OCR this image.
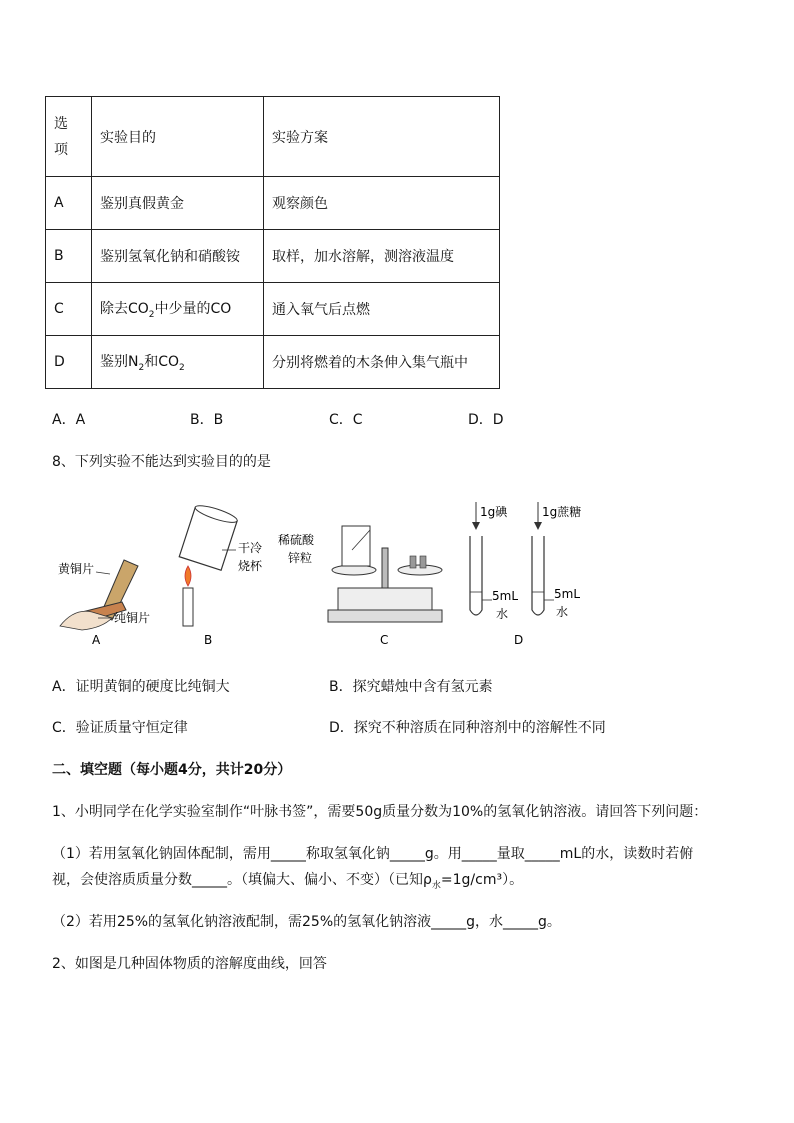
选项	实验目的	实验方案
A	鉴别真假黄金	观察颜色
B	鉴别氢氧化钠和硝酸铵	取样，加水溶解，测溶液温度
C	除去$CO_2$中少量的CO	通入氧气后点燃
D	鉴别$N_2$和$CO_2$	分别将燃着的木条伸入集气瓶中
A．A	B．B	C．C	D．D
8、下列实验不能达到实验目的的是
黄铜片
纯铜片
A
干冷
烧杯
B
稀硫酸
锌粒
C
1g碘	1g蔗糖
5mL
水
5mL
水
D
A．证明黄铜的硬度比纯铜大	B．探究蜡烛中含有氢元素
C．验证质量守恒定律	D．探究不种溶质在同种溶剂中的溶解性不同
二、填空题（每小题4分，共计20分）
1、小明同学在化学实验室制作“叶脉书签”，需要50g质量分数为10%的氢氧化钠溶液。请回答下列问题：
（1）若用氢氧化钠固体配制，需用_____称取氢氧化钠_____g。用_____量取_____mL的水，读数时若俯
视，会使溶质质量分数_____。（填偏大、偏小、不变）（已知$\rho_水=1g/cm^3$）。
（2）若用25%的氢氧化钠溶液配制，需25%的氢氧化钠溶液_____g，水_____g。
2、如图是几种固体物质的溶解度曲线，回答
